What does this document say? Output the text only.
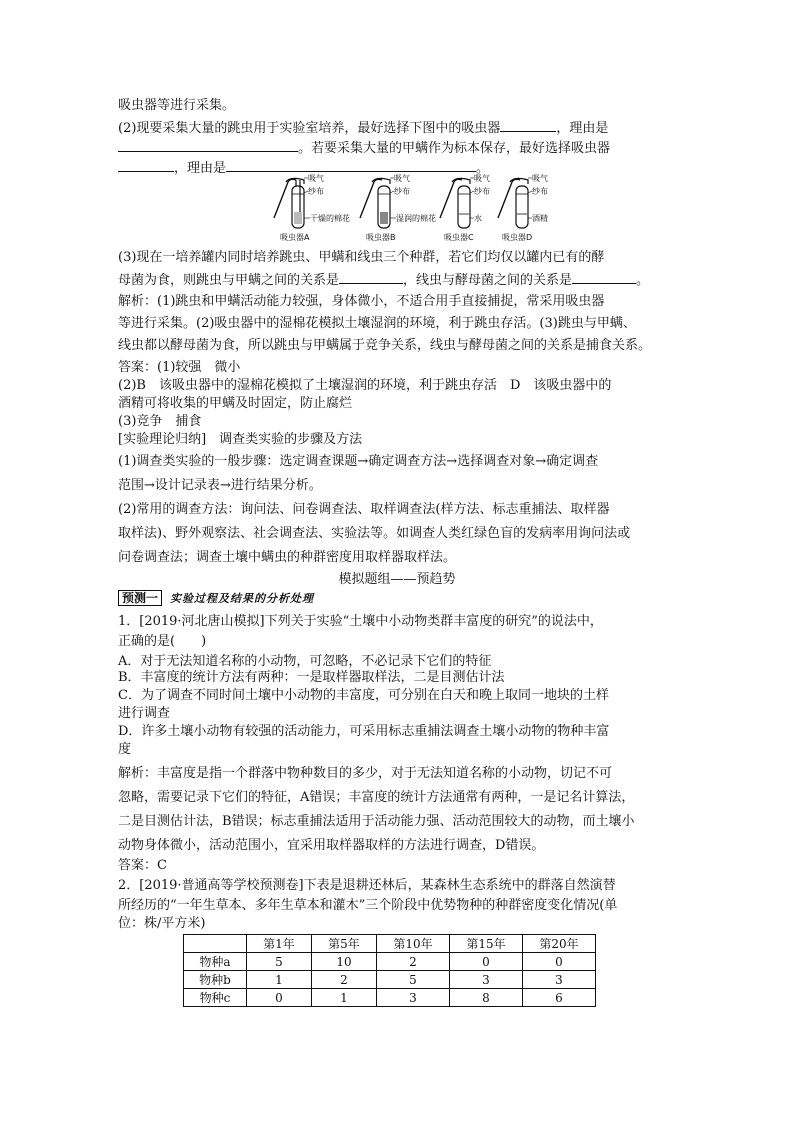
吸虫器等进行采集。
(2)现要采集大量的跳虫用于实验室培养，最好选择下图中的吸虫器	，理由是
。若要采集大量的甲螨作为标本保存，最好选择吸虫器
，理由是	。
吸气
纱布
干燥的棉花
吸虫器A
吸气
纱布
湿润的棉花
吸虫器B
吸气
纱布
水
吸虫器C
吸气
纱布
酒精
吸虫器D
(3)现在一培养罐内同时培养跳虫、甲螨和线虫三个种群，若它们均仅以罐内已有的酵
母菌为食，则跳虫与甲螨之间的关系是	，线虫与酵母菌之间的关系是	。
解析：(1)跳虫和甲螨活动能力较强，身体微小，不适合用手直接捕捉，常采用吸虫器
等进行采集。(2)吸虫器中的湿棉花模拟土壤湿润的环境，利于跳虫存活。(3)跳虫与甲螨、
线虫都以酵母菌为食，所以跳虫与甲螨属于竞争关系，线虫与酵母菌之间的关系是捕食关系。
答案：(1)较强　微小
(2)B　该吸虫器中的湿棉花模拟了土壤湿润的环境，利于跳虫存活　D　该吸虫器中的
酒精可将收集的甲螨及时固定，防止腐烂
(3)竞争　捕食
[实验理论归纳]　调查类实验的步骤及方法
(1)调查类实验的一般步骤：选定调查课题→确定调查方法→选择调查对象→确定调查
范围→设计记录表→进行结果分析。
(2)常用的调查方法：询问法、问卷调查法、取样调查法(样方法、标志重捕法、取样器
取样法)、野外观察法、社会调查法、实验法等。如调查人类红绿色盲的发病率用询问法或
问卷调查法；调查土壤中螨虫的种群密度用取样器取样法。
模拟题组——预趋势
预测一 实验过程及结果的分析处理
1．[2019·河北唐山模拟]下列关于实验“土壤中小动物类群丰富度的研究”的说法中，
正确的是(　　)
A．对于无法知道名称的小动物，可忽略，不必记录下它们的特征
B．丰富度的统计方法有两种：一是取样器取样法，二是目测估计法
C．为了调查不同时间土壤中小动物的丰富度，可分别在白天和晚上取同一地块的土样
进行调查
D．许多土壤小动物有较强的活动能力，可采用标志重捕法调查土壤小动物的物种丰富
度
解析：丰富度是指一个群落中物种数目的多少，对于无法知道名称的小动物，切记不可
忽略，需要记录下它们的特征，A错误；丰富度的统计方法通常有两种，一是记名计算法，
二是目测估计法，B错误；标志重捕法适用于活动能力强、活动范围较大的动物，而土壤小
动物身体微小，活动范围小，宜采用取样器取样的方法进行调查，D错误。
答案：C
2．[2019·普通高等学校预测卷]下表是退耕还林后，某森林生态系统中的群落自然演替
所经历的“一年生草本、多年生草本和灌木”三个阶段中优势物种的种群密度变化情况(单
位：株/平方米)
	第1年	第5年	第10年	第15年	第20年
物种a	5	10	2	0	0
物种b	1	2	5	3	3
物种c	0	1	3	8	6
